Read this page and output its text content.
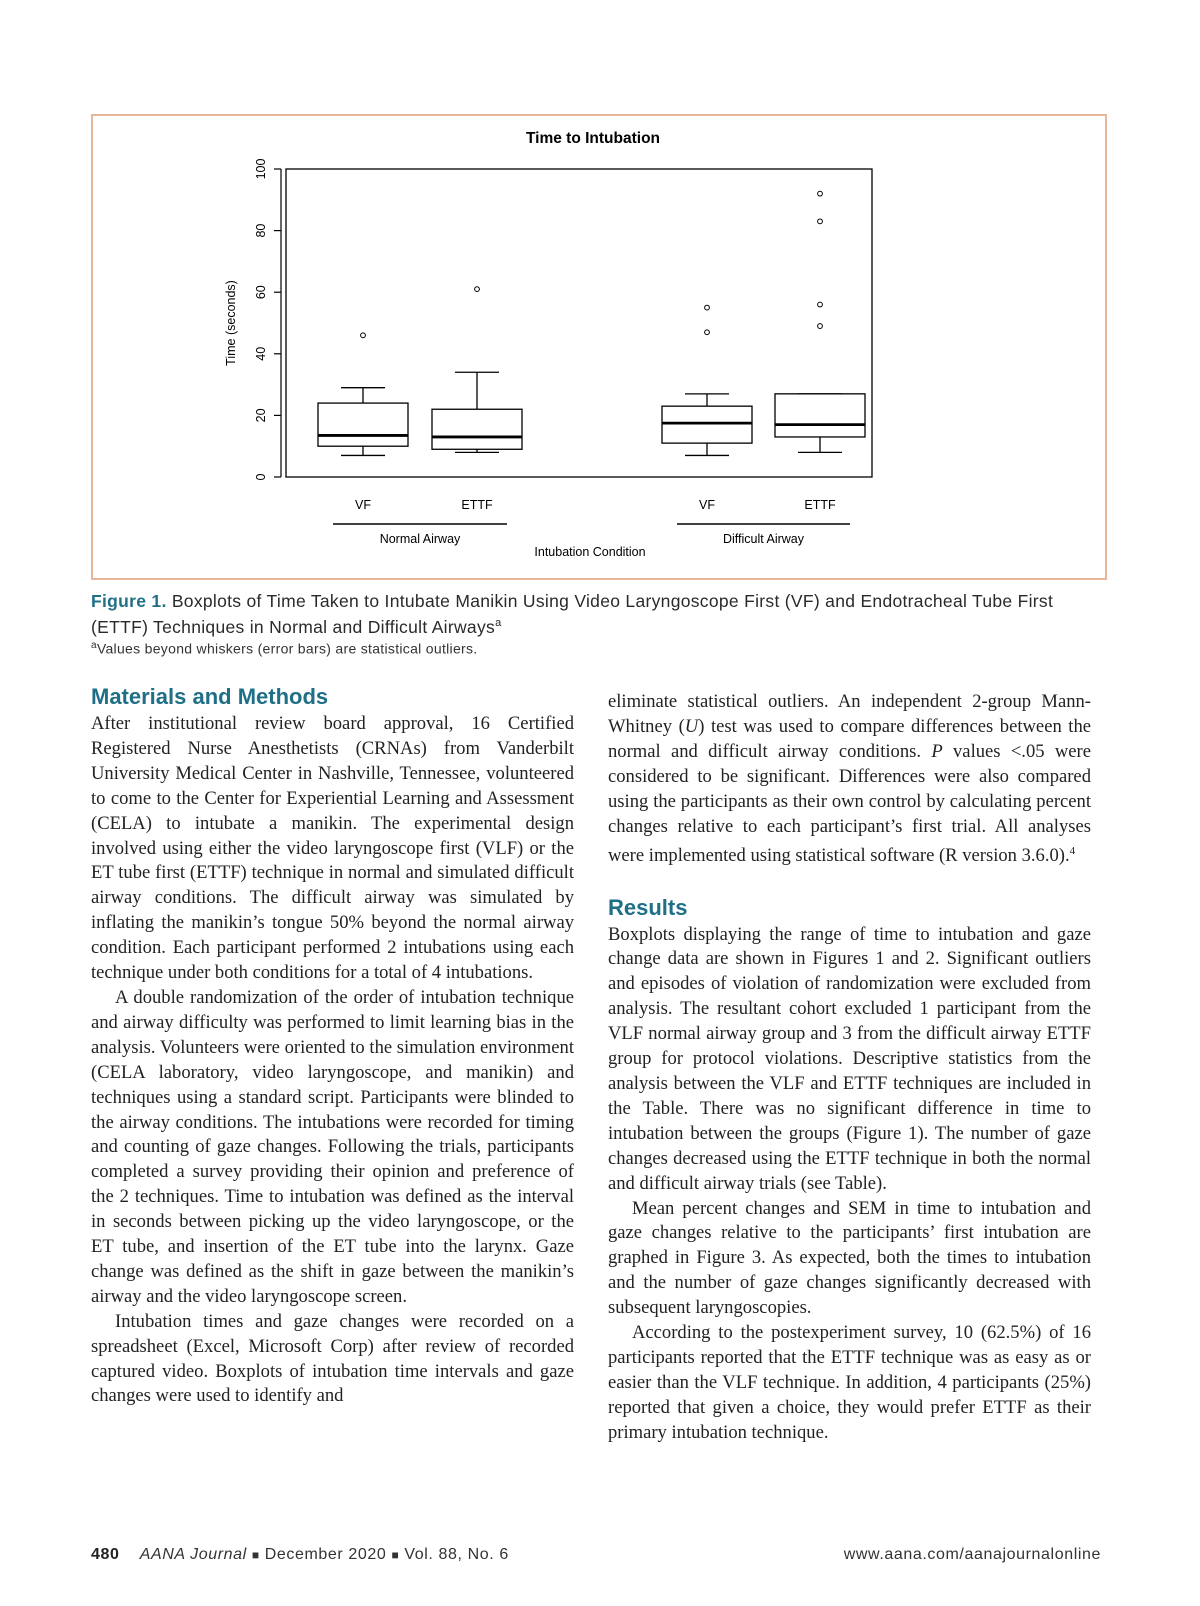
Time to Intubation
Time (seconds)
Intubation Condition
0
20
40
60
80
100
VF	ETTF	VF	ETTF
Normal Airway	Difficult Airway
Figure 1. Boxplots of Time Taken to Intubate Manikin Using Video Laryngoscope First (VF) and Endotracheal Tube First (ETTF) Techniques in Normal and Difficult Airways$^a$
$^a$Values beyond whiskers (error bars) are statistical outliers.
Materials and Methods

After institutional review board approval, 16 Certified Registered Nurse Anesthetists (CRNAs) from Vanderbilt University Medical Center in Nashville, Tennessee, volunteered to come to the Center for Experiential Learning and Assessment (CELA) to intubate a manikin. The experimental design involved using either the video laryngoscope first (VLF) or the ET tube first (ETTF) technique in normal and simulated difficult airway conditions. The difficult airway was simulated by inflating the manikin’s tongue 50% beyond the normal airway condition. Each participant performed 2 intubations using each technique under both conditions for a total of 4 intubations.

A double randomization of the order of intubation technique and airway difficulty was performed to limit learning bias in the analysis. Volunteers were oriented to the simulation environment (CELA laboratory, video laryngoscope, and manikin) and techniques using a standard script. Participants were blinded to the airway conditions. The intubations were recorded for timing and counting of gaze changes. Following the trials, participants completed a survey providing their opinion and preference of the 2 techniques. Time to intubation was defined as the interval in seconds between picking up the video laryngoscope, or the ET tube, and insertion of the ET tube into the larynx. Gaze change was defined as the shift in gaze between the manikin’s airway and the video laryngoscope screen.

Intubation times and gaze changes were recorded on a spreadsheet (Excel, Microsoft Corp) after review of recorded captured video. Boxplots of intubation time intervals and gaze changes were used to identify and

eliminate statistical outliers. An independent 2-group Mann-Whitney (U) test was used to compare differences between the normal and difficult airway conditions. P values <.05 were considered to be significant. Differences were also compared using the participants as their own control by calculating percent changes relative to each participant’s first trial. All analyses were implemented using statistical software (R version 3.6.0).$^4$

Results

Boxplots displaying the range of time to intubation and gaze change data are shown in Figures 1 and 2. Significant outliers and episodes of violation of randomization were excluded from analysis. The resultant cohort excluded 1 participant from the VLF normal airway group and 3 from the difficult airway ETTF group for protocol violations. Descriptive statistics from the analysis between the VLF and ETTF techniques are included in the Table. There was no significant difference in time to intubation between the groups (Figure 1). The number of gaze changes decreased using the ETTF technique in both the normal and difficult airway trials (see Table).

Mean percent changes and SEM in time to intubation and gaze changes relative to the participants’ first intubation are graphed in Figure 3. As expected, both the times to intubation and the number of gaze changes significantly decreased with subsequent laryngoscopies.

According to the postexperiment survey, 10 (62.5%) of 16 participants reported that the ETTF technique was as easy as or easier than the VLF technique. In addition, 4 participants (25%) reported that given a choice, they would prefer ETTF as their primary intubation technique.

480 AANA Journal ■ December 2020 ■ Vol. 88, No. 6	www.aana.com/aanajournalonline
